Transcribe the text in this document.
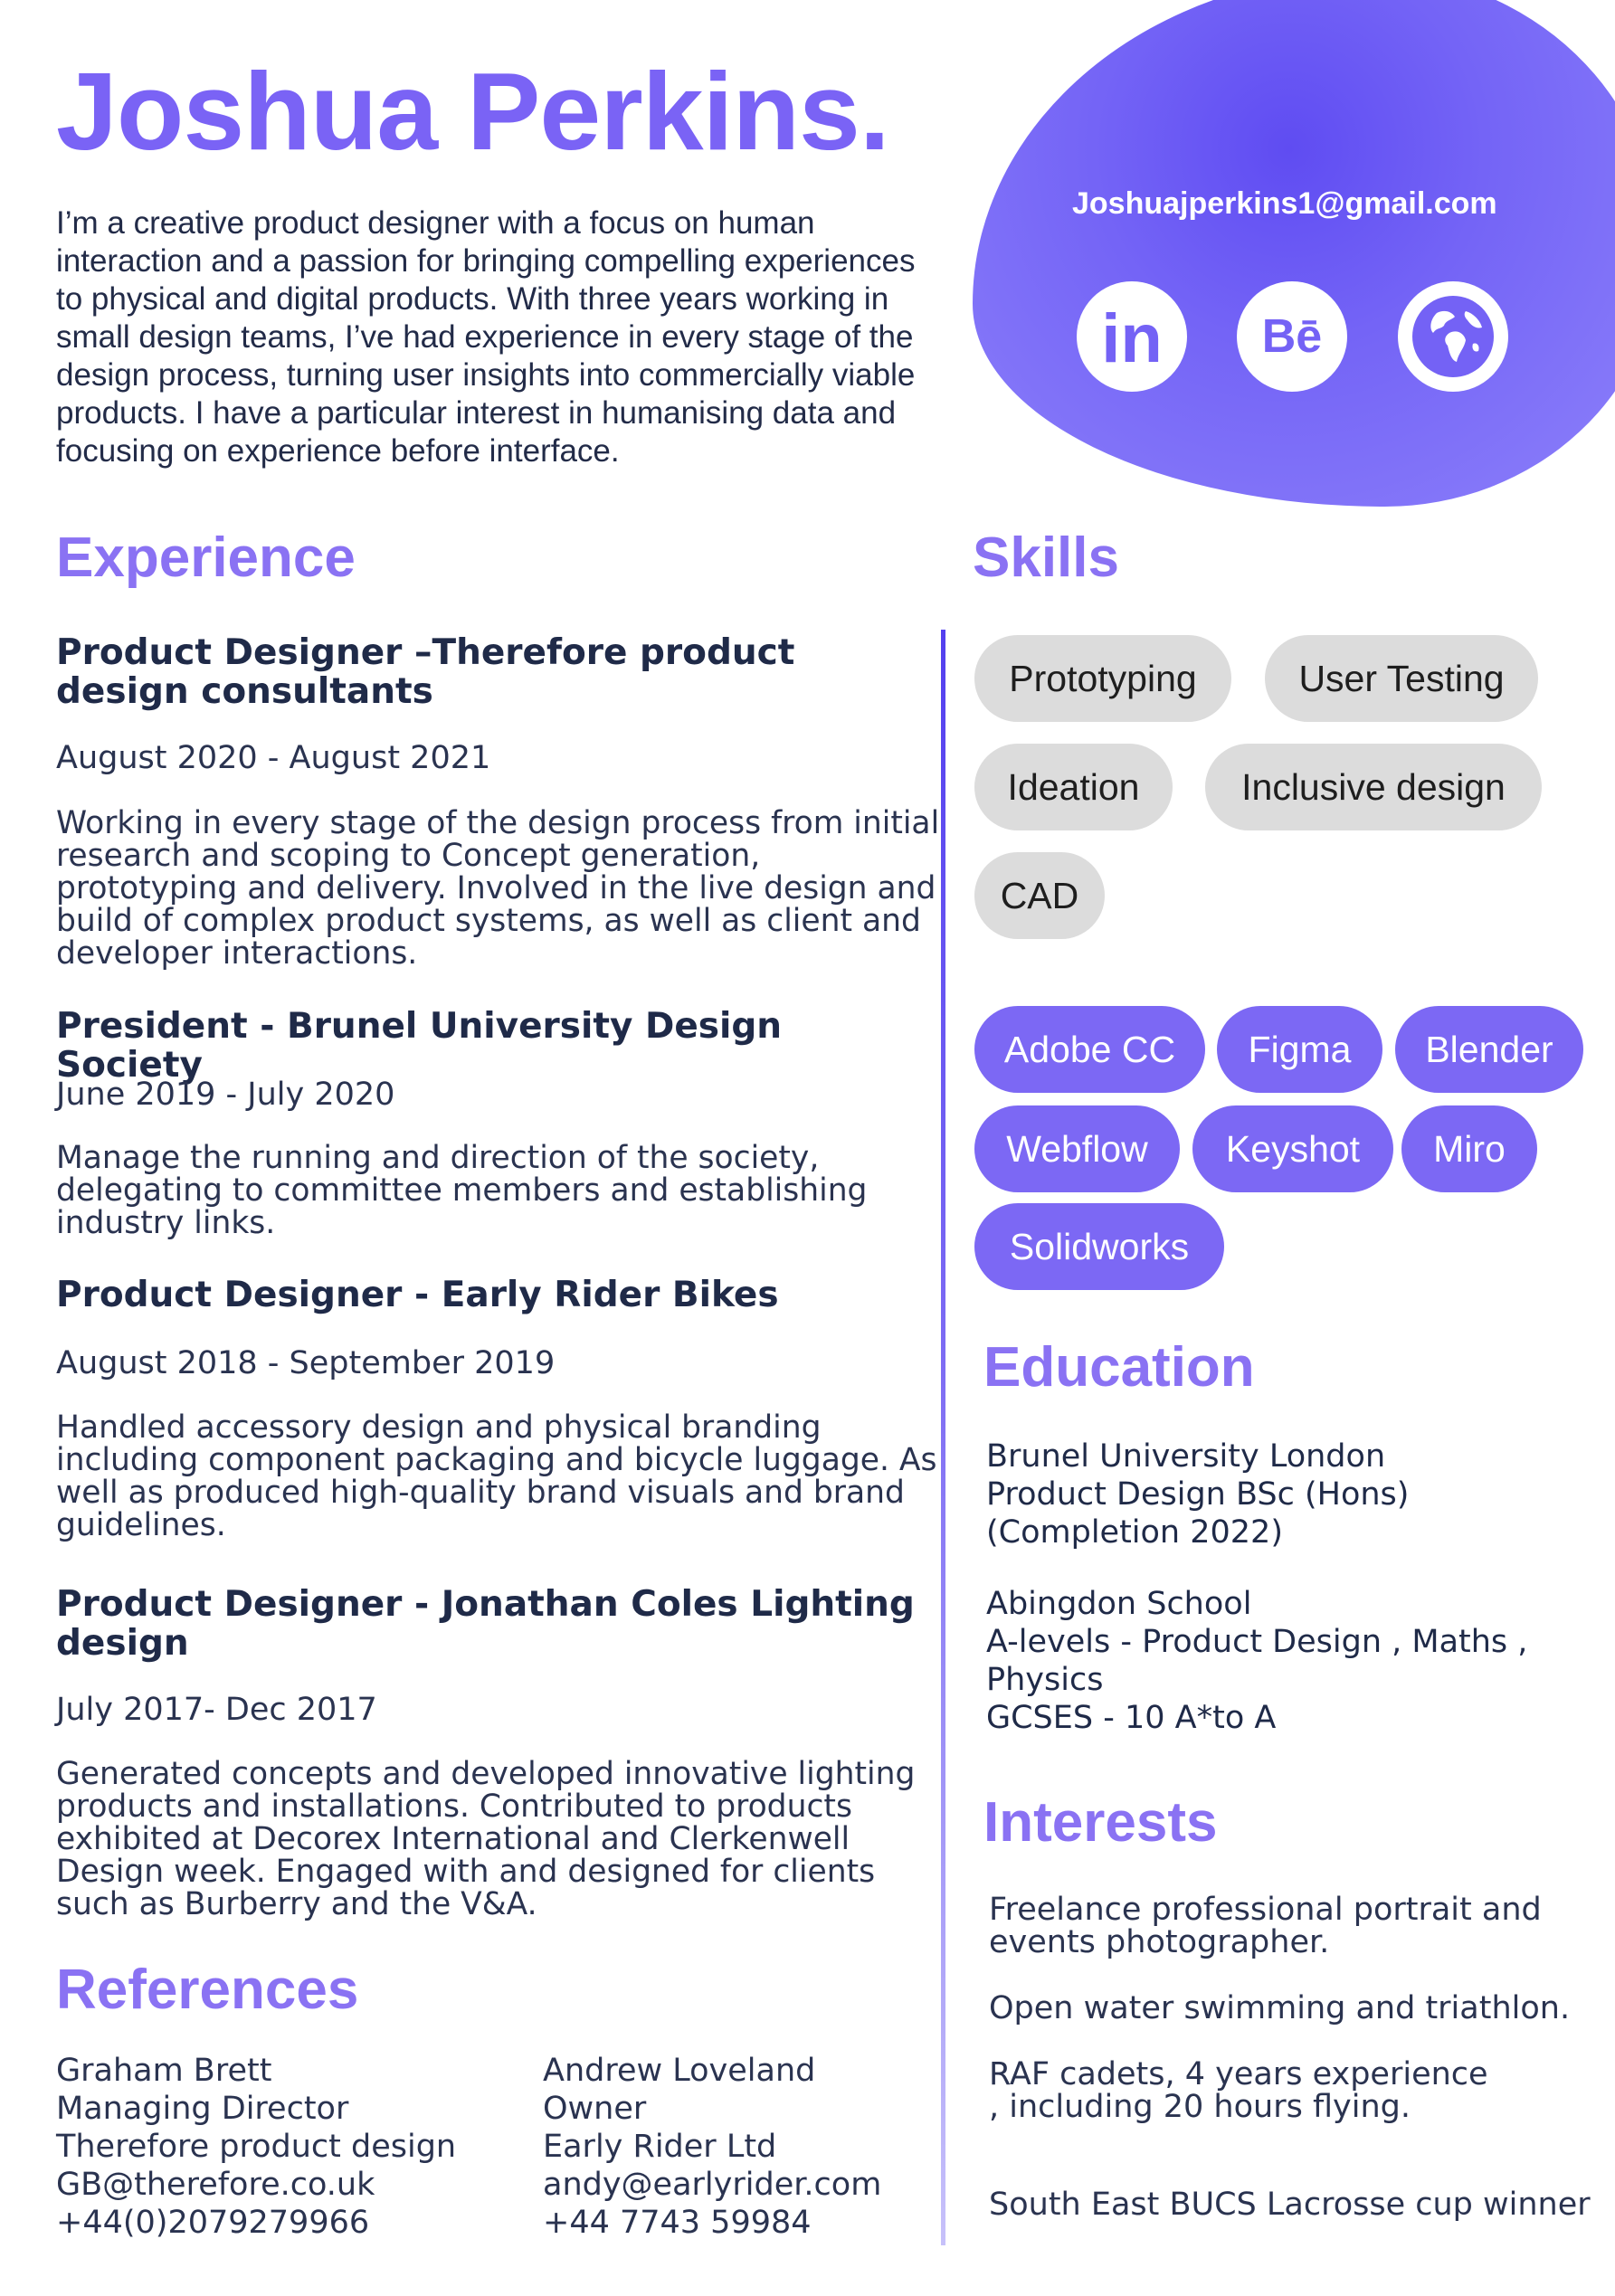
Joshua Perkins.

I’m a creative product designer with a focus on human interaction and a passion for bringing compelling experiences to physical and digital products. With three years working in small design teams, I’ve had experience in every stage of the design process, turning user insights into commercially viable products. I have a particular interest in humanising data and focusing on experience before interface.

Joshuajperkins1@gmail.com
in Bē
Experience
Product Designer –Therefore product design consultants
August 2020 - August 2021

Working in every stage of the design process from initial research and scoping to Concept generation, prototyping and delivery. Involved in the live design and build of complex product systems, as well as client and developer interactions.

President - Brunel University Design Society
June 2019 - July 2020

Manage the running and direction of the society, delegating to committee members and establishing industry links.

Product Designer - Early Rider Bikes
August 2018 - September 2019

Handled accessory design and physical branding including component packaging and bicycle luggage. As well as produced high-quality brand visuals and brand guidelines.

Product Designer - Jonathan Coles Lighting design
July 2017- Dec 2017

Generated concepts and developed innovative lighting products and installations. Contributed to products exhibited at Decorex International and Clerkenwell Design week. Engaged with and designed for clients such as Burberry and the V&A.

References
Graham Brett
Managing Director
Therefore product design
GB@therefore.co.uk
+44(0)2079279966
Andrew Loveland
Owner
Early Rider Ltd
andy@earlyrider.com
+44 7743 59984
Skills
Prototyping	User Testing
Ideation	Inclusive design
CAD
Adobe CC	Figma	Blender
Webflow	Keyshot	Miro
Solidworks
Education
Brunel University London
Product Design BSc (Hons)
(Completion 2022)
Abingdon School
A-levels - Product Design , Maths ,
Physics
GCSES - 10 A*to A
Interests
Freelance professional portrait and events photographer.
Open water swimming and triathlon.
RAF cadets, 4 years experience , including 20 hours flying.
South East BUCS Lacrosse cup winner
